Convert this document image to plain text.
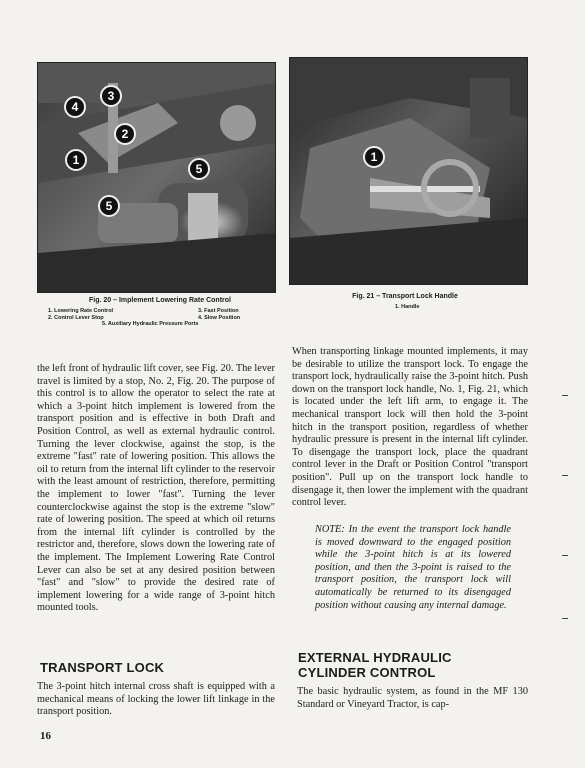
4
3
2
1
5
5
Fig. 20 – Implement Lowering Rate Control
1. Lowering Rate Control
2. Control Lever Stop
3. Fast Position
4. Slow Position
5. Auxiliary Hydraulic Pressure Ports
1
Fig. 21 – Transport Lock Handle
1. Handle

the left front of hydraulic lift cover, see Fig. 20. The lever travel is limited by a stop, No. 2, Fig. 20. The purpose of this control is to allow the operator to select the rate at which a 3-point hitch implement is lowered from the transport position and is effective in both Draft and Position Control, as well as external hydraulic control. Turning the lever clockwise, against the stop, is the extreme "fast" rate of lowering position. This allows the oil to return from the internal lift cylinder to the reservoir with the least amount of restriction, therefore, permitting the implement to lower "fast". Turning the lever counterclockwise against the stop is the extreme "slow" rate of lowering position. The speed at which oil returns from the internal lift cylinder is controlled by the restrictor and, therefore, slows down the lowering rate of the implement. The Implement Lowering Rate Control Lever can also be set at any desired position between "fast" and "slow" to provide the desired rate of implement lowering for a wide range of 3-point hitch mounted tools.

TRANSPORT LOCK

The 3-point hitch internal cross shaft is equipped with a mechanical means of locking the lower lift linkage in the transport position.

When transporting linkage mounted implements, it may be desirable to utilize the transport lock. To engage the transport lock, hydraulically raise the 3-point hitch. Push down on the transport lock handle, No. 1, Fig. 21, which is located under the left lift arm, to engage it. The mechanical transport lock will then hold the 3-point hitch in the transport position, regardless of whether hydraulic pressure is present in the internal lift cylinder. To disengage the transport lock, place the quadrant control lever in the Draft or Position Control "transport position". Pull up on the transport lock handle to disengage it, then lower the implement with the quadrant control lever.

NOTE: In the event the transport lock handle is moved downward to the engaged position while the 3-point hitch is at its lowered position, and then the 3-point is raised to the transport position, the transport lock will automatically be returned to its disengaged position without causing any internal damage.

EXTERNAL HYDRAULIC CYLINDER CONTROL

The basic hydraulic system, as found in the MF 130 Standard or Vineyard Tractor, is cap-

16
